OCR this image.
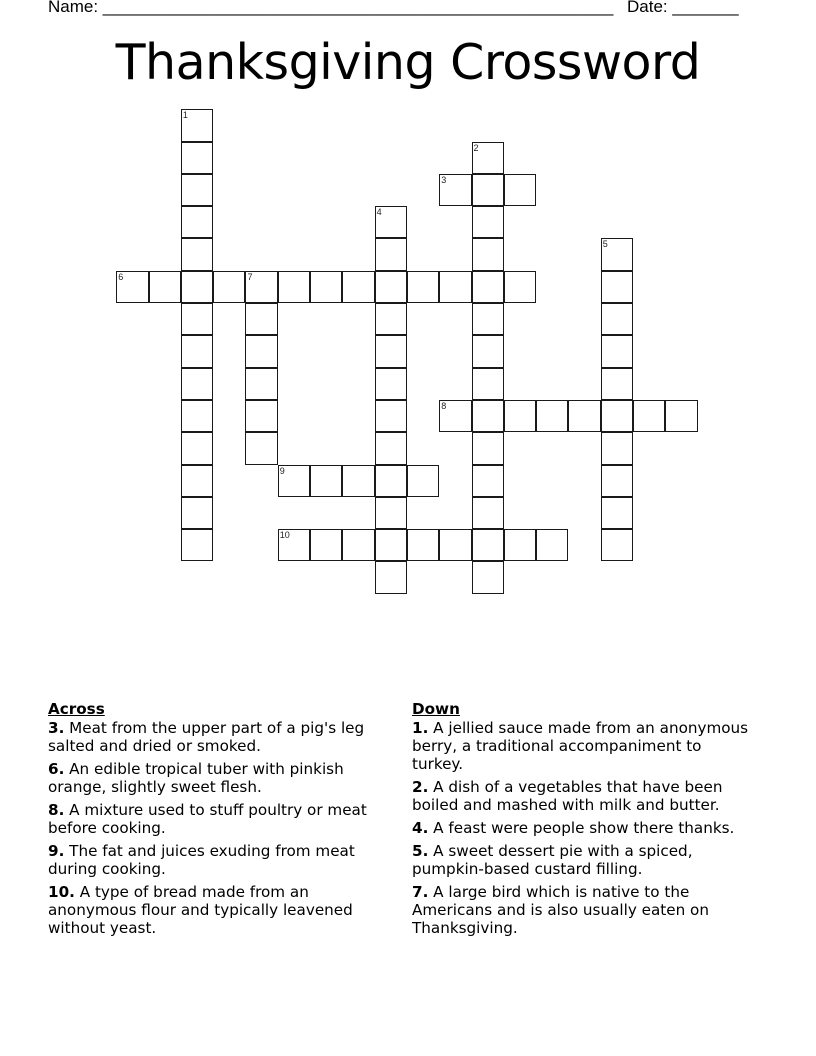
Name: ______________________________________________________ Date: _______
Thanksgiving Crossword
1
2
3
4
5
6	7
8
9
10
Across
3. Meat from the upper part of a pig's leg salted and dried or smoked.
6. An edible tropical tuber with pinkish orange, slightly sweet flesh.
8. A mixture used to stuff poultry or meat before cooking.
9. The fat and juices exuding from meat during cooking.
10. A type of bread made from an anonymous flour and typically leavened without yeast.
Down
1. A jellied sauce made from an anonymous berry, a traditional accompaniment to turkey.
2. A dish of a vegetables that have been boiled and mashed with milk and butter.
4. A feast were people show there thanks.
5. A sweet dessert pie with a spiced, pumpkin-based custard filling.
7. A large bird which is native to the Americans and is also usually eaten on Thanksgiving.
